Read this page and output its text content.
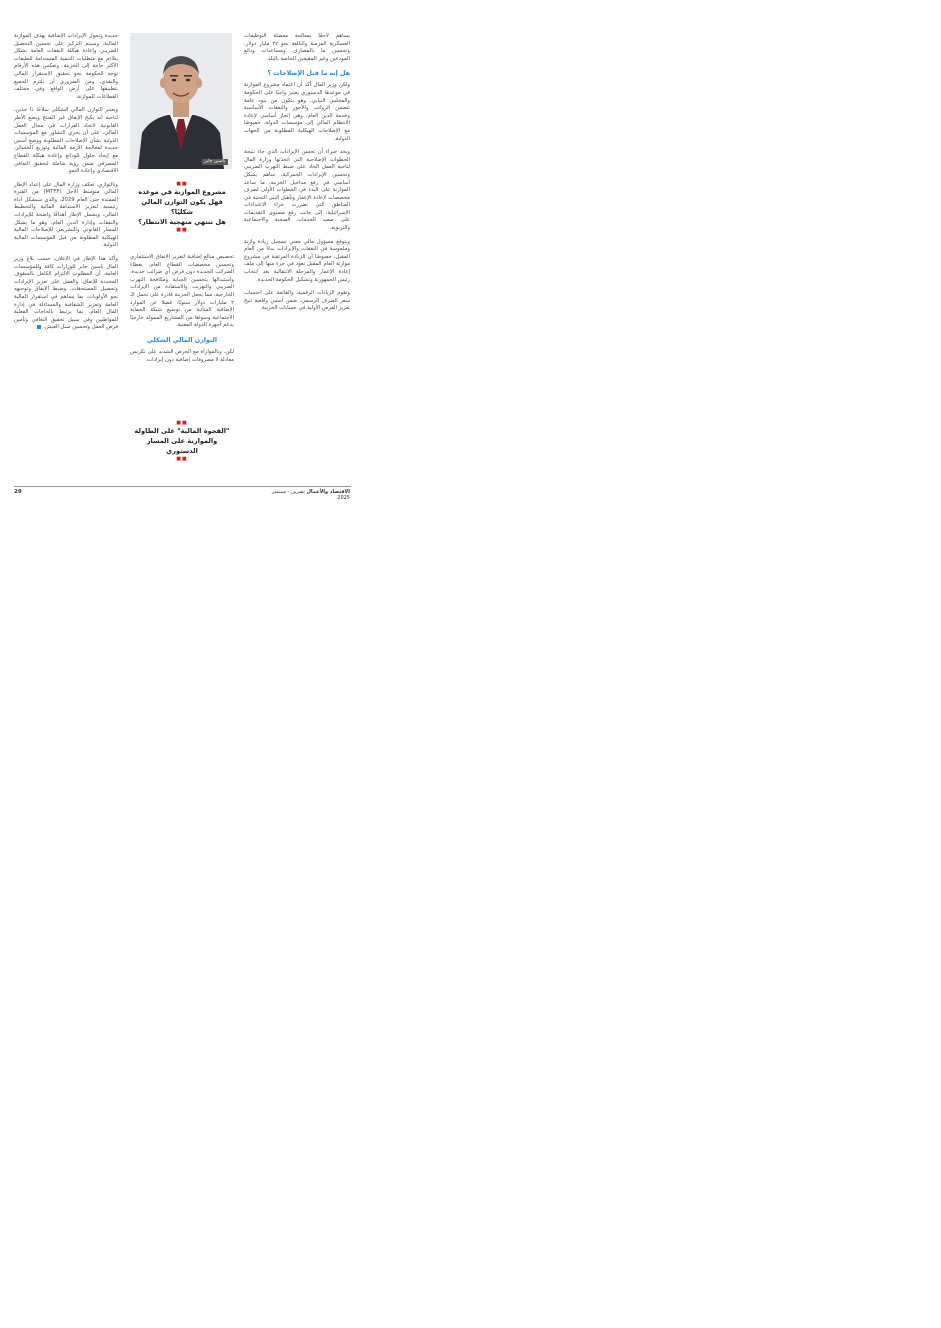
يساهم لاحقًا بمعالجة معضلة التوظيفات العسكرية المزمنة والبالغة نحو ٣٧ مليار دولار، وتحسين ما بالمصارف ومساعدات ودائع المودعين وغير المقيمين الخاصة بالبلد.

هل إنه ما قبل الإصلاحات ؟

ولكن وزير المال أكد أن اعتماد مشروع الموازنة في موعدها الدستوري يعتبر واجبًا على الحكومة والمجلس النيابي، وهو يتكون من بنود عامة تتضمن الرواتب والأجور والنفقات الأساسية وخدمة الدين العام، وهي إنجاز أساسي لإعادة الانتظام المالي إلى مؤسسات الدولة، خصوصًا مع الإصلاحات الهيكلية المطلوبة من الجهات الدولية.

ويجد خبراء أن تحسن الإيرادات الذي جاء نتيجة الخطوات الإصلاحية التي اتخذتها وزارة المال لناحية العمل الجاد على ضبط التهرب الضريبي وتحسين الإيرادات الجمركية، ساهم بشكل أساسي في رفع مداخيل الخزينة، ما ساعد الموازنة على البدء في الخطوات الأولى لصرف مخصصات لإعادة الإعمار وتأهيل البنى التحتية في المناطق التي تضررت جراء الاعتداءات الإسرائيلية، إلى جانب رفع مستوى التقديمات على صعيد الخدمات الصحية والاجتماعية والتربوية.

ويتوقع مسؤول مالي معني تسجيل زيادة وازنة وملموسة في النفقات والإيرادات بدءًا من العام المقبل، خصوصًا أن الزيادة المرتقبة في مشروع موازنة العام المقبل تعود في جزء منها إلى ملف إعادة الإعمار والمرحلة الانتقالية بعد انتخاب رئيس الجمهورية وتشكيل الحكومة الجديدة.

وتقوم الزيادات الرقمية، والقائمة على احتساب سعر الصرف الرسمي، ضمن أسس واقعية تتيح تعزيز الفرص الأولية في حسابات الخزينة.

ياسين جابر
■■
مشروع الموازنة في موعده
فهل يكون التوازن المالي شكليًا؟
هل تنتهي منهجية الانتظار؟
■■

تخصيص مبالغ إضافية لتعزيز الإنفاق الاستثماري وتحسين مخصصات القطاع العام، بغطاء الضرائب الجديدة دون فرض أي ضرائب جديدة، واستبدالها بتحسين الجباية ومكافحة التهرب الضريبي والتهريب والاستفادة من الإيرادات الخارجية، مما يجعل الخزينة قادرة على تحمل الـ ٢ مليارات دولار سنويًا، فضلا عن الموارد الإضافية المتأتية من توسيع شبكة الحماية الاجتماعية وسواها من المشاريع الممولة خارجيًا بدعم أجهزة الدولة المعنية.

التوازن المالي الشكلي

لكن، وبالموازاة مع الحرص الشديد على تكريس معادلة لا مصروفات إضافية دون إيرادات.

■■
"الفجوة المالية" على الطاولة
والموازنة على المسار الدستوري
■■

جديدة وتحول الإيرادات الإضافية بهدف الموازنة المالية، وسيتم التركيز على تحسين التحصيل الضريبي وإعادة هيكلة النفقات العامة بشكل يتلاءم مع متطلبات التنمية المستدامة للطبقات الأكثر حاجة إلى الخزينة. وتعكس هذه الأرقام توجه الحكومة نحو تحقيق الاستقرار المالي والنقدي، ومن الضروري أن يلتزم الجميع بتطبيقها على أرض الواقع وفي مختلف القطاعات للموازنة.

ويعتبر التوازن المالي الشكلي سلاحًا ذا حدين، لناحية أنه يكبح الإنفاق غير المنتج ويضع الأطر القانونية لاتخاذ القرارات في مجال العمل المالي، على أن يجري التشاور مع المؤسسات الدولية بشأن الإصلاحات المطلوبة ووضع أسس جديدة لمعالجة الأزمة المالية وتوزيع الخسائر، مع إيجاد حلول للودائع وإعادة هيكلة القطاع المصرفي ضمن رؤية شاملة لتحقيق التعافي الاقتصادي وإعادة النمو.

وبالتوازي، تعكف وزارة المال على إعداد الإطار المالي متوسط الأجل (MTFF) من الفترة الممتدة حتى العام 2029، والذي سيشكل أداة رئيسية لتعزيز الاستدامة المالية والتخطيط المالي، ويشمل الإطار أهدافًا واضحة للإيرادات والنفقات وإدارة الدين العام، وهو ما يشكل المسار القانوني والتشريعي للإصلاحات المالية الهيكلية المطلوبة من قبل المؤسسات المالية الدولية.

وأكد هذا الإطار في الإعلان، حسب بلاغ وزير المال ياسين جابر للوزارات كافة وللمؤسسات العامة، أن المطلوب الالتزام الكامل بالسقوف المحددة للإنفاق، والعمل على تعزيز الإيرادات وتحصيل المستحقات، وضبط الإنفاق وتوجيهه نحو الأولويات، بما يساهم في استقرار المالية العامة وتعزيز الشفافية والمساءلة في إدارة المال العام، بما يرتبط بالحاجات الفعلية للمواطنين وفي سبيل تحقيق التعافي وتأمين فرص العمل وتحسين سبل العيش.

29	الاقتصاد والأعمال تشرين - سبتمبر 2025
